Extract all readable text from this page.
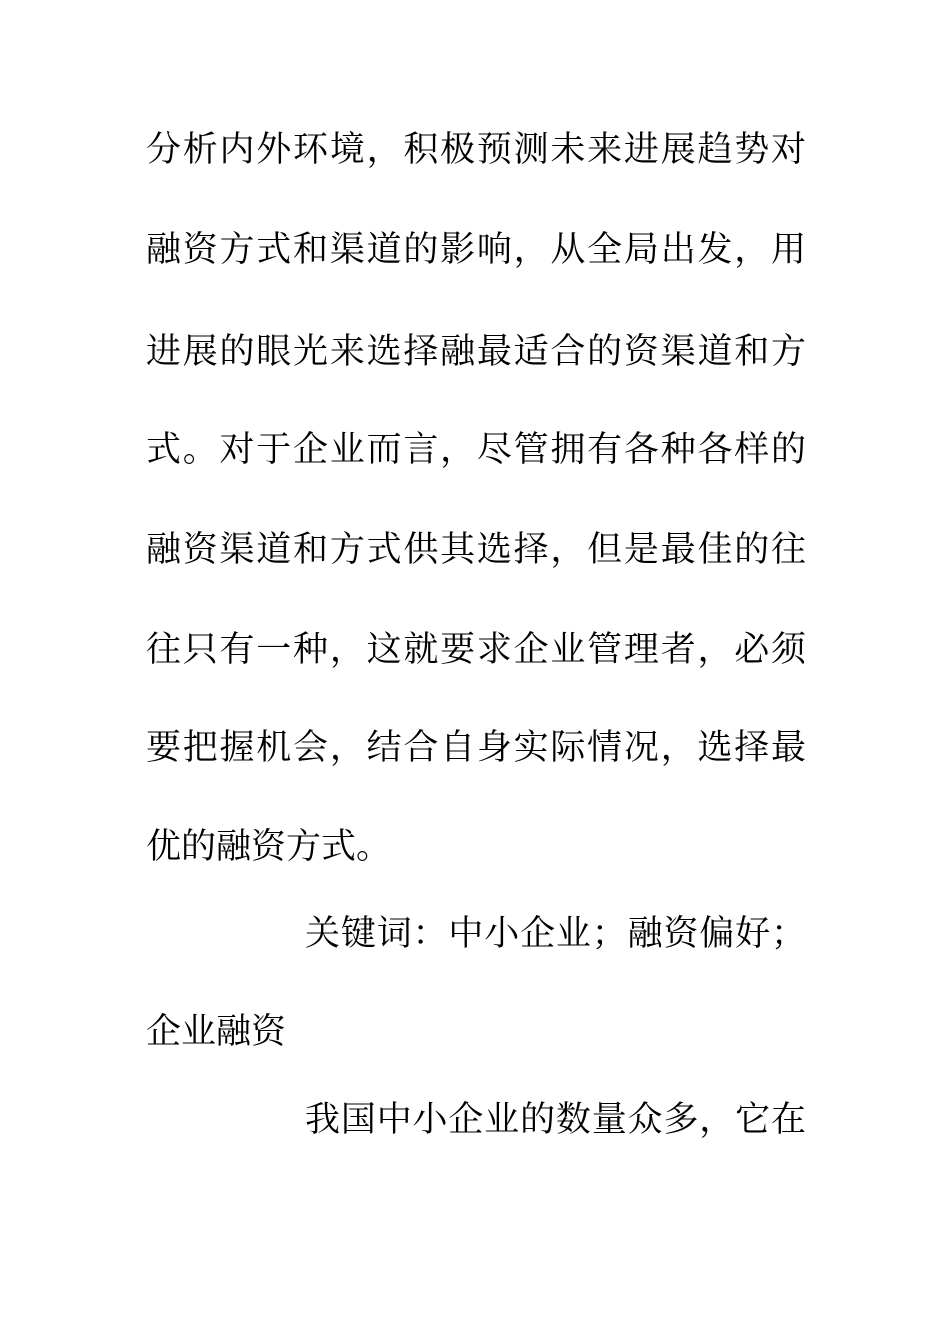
分析内外环境，积极预测未来进展趋势对
融资方式和渠道的影响，从全局出发，用
进展的眼光来选择融最适合的资渠道和方
式。对于企业而言，尽管拥有各种各样的
融资渠道和方式供其选择，但是最佳的往
往只有一种，这就要求企业管理者，必须
要把握机会，结合自身实际情况，选择最
优的融资方式。
关键词：中小企业；融资偏好；
企业融资
我国中小企业的数量众多，它在
